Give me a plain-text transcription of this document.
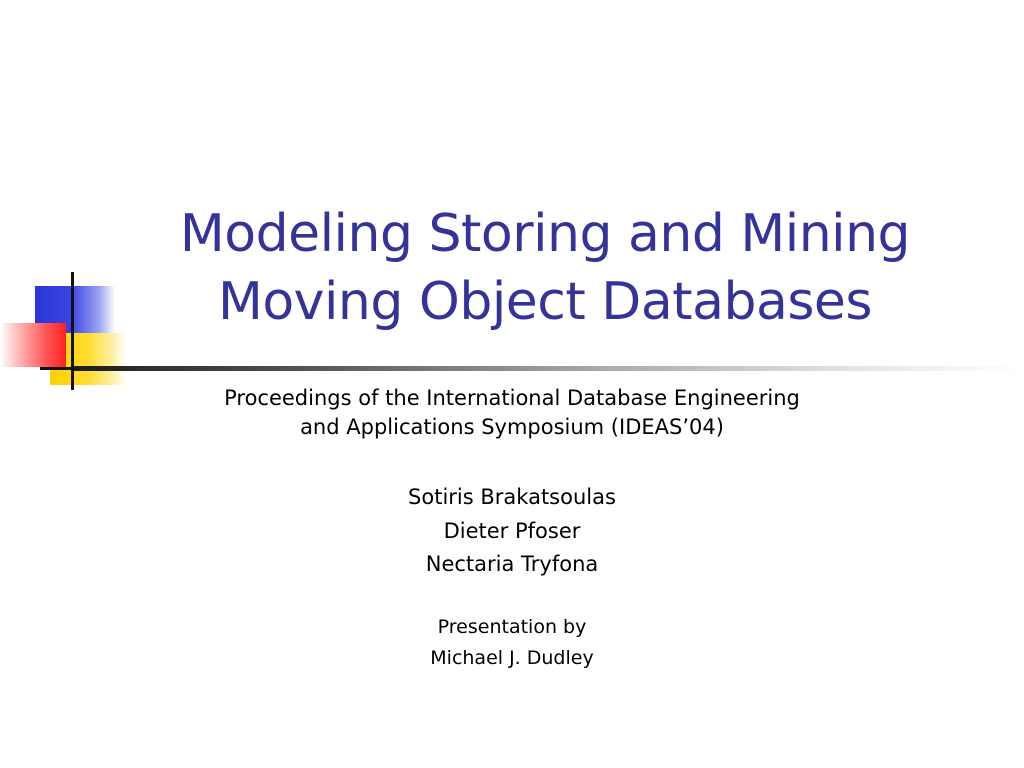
Modeling Storing and Mining
Moving Object Databases

Proceedings of the International Database Engineering
and Applications Symposium (IDEAS’04)

Sotiris Brakatsoulas
Dieter Pfoser
Nectaria Tryfona
Presentation by
Michael J. Dudley
